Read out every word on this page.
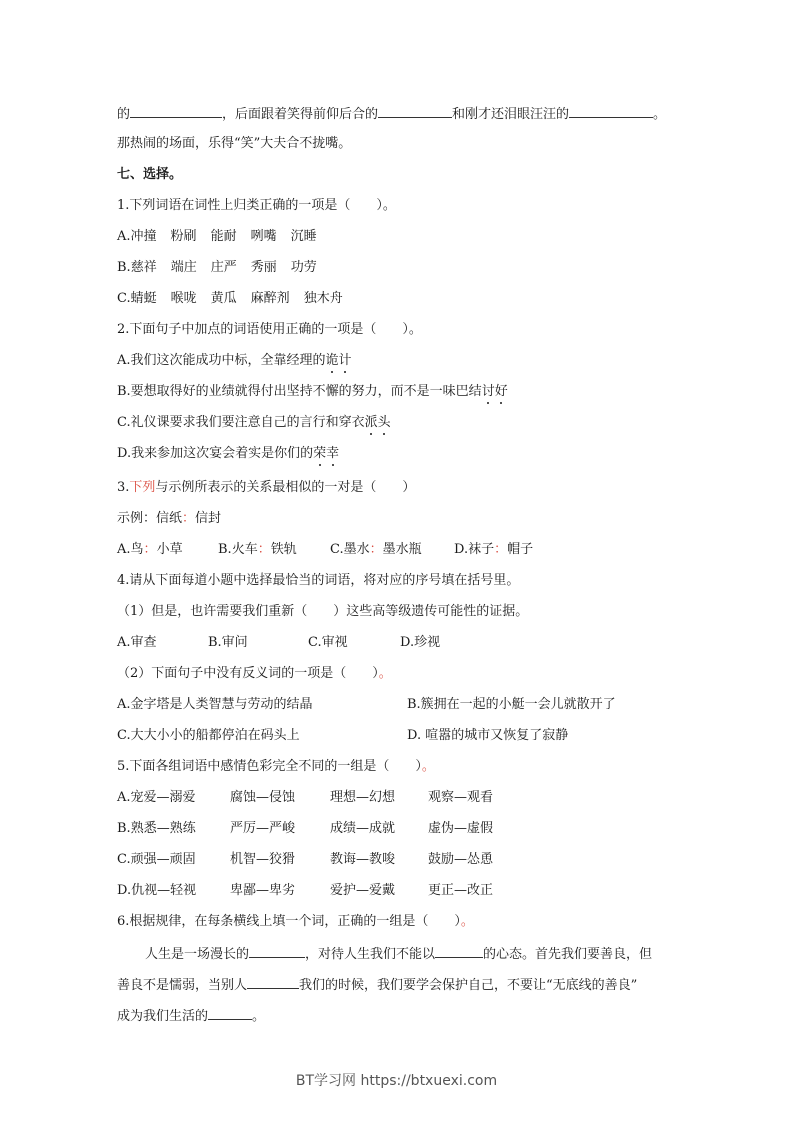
的	，后面跟着笑得前仰后合的	和刚才还泪眼汪汪的	。
那热闹的场面，乐得“笑”大夫合不拢嘴。
七、选择。
1.下列词语在词性上归类正确的一项是（　　）。
A.冲撞 粉刷 能耐 咧嘴 沉睡
B.慈祥 端庄 庄严 秀丽 功劳
C.蜻蜓 喉咙 黄瓜 麻醉剂 独木舟
2.下面句子中加点的词语使用正确的一项是（　　）。
A.我们这次能成功中标，全靠经理的诡计
B.要想取得好的业绩就得付出坚持不懈的努力，而不是一味巴结讨好
C.礼仪课要求我们要注意自己的言行和穿衣派头
D.我来参加这次宴会着实是你们的荣幸
3.下列与示例所表示的关系最相似的一对是（　　）
示例：信纸：信封
A.鸟：小草	B.火车：铁轨	C.墨水：墨水瓶 D.袜子：帽子
4.请从下面每道小题中选择最恰当的词语，将对应的序号填在括号里。
（1）但是，也许需要我们重新（　　）这些高等级遗传可能性的证据。
A.审查	B.审问	C.审视	D.珍视
（2）下面句子中没有反义词的一项是（　　）。
A.金字塔是人类智慧与劳动的结晶	B.簇拥在一起的小艇一会儿就散开了
C.大大小小的船都停泊在码头上	D. 喧嚣的城市又恢复了寂静
5.下面各组词语中感情色彩完全不同的一组是（　　）。
A.宠爱—溺爱	腐蚀—侵蚀	理想—幻想	观察—观看
B.熟悉—熟练	严厉—严峻	成绩—成就	虚伪—虚假
C.顽强—顽固	机智—狡猾	教诲—教唆	鼓励—怂恿
D.仇视—轻视	卑鄙—卑劣	爱护—爱戴	更正—改正
6.根据规律，在每条横线上填一个词，正确的一组是（　　）。
人生是一场漫长的	，对待人生我们不能以	的心态。首先我们要善良，但
善良不是懦弱，当别人	我们的时候，我们要学会保护自己，不要让“无底线的善良”
成为我们生活的	。
BT学习网 https://btxuexi.com
